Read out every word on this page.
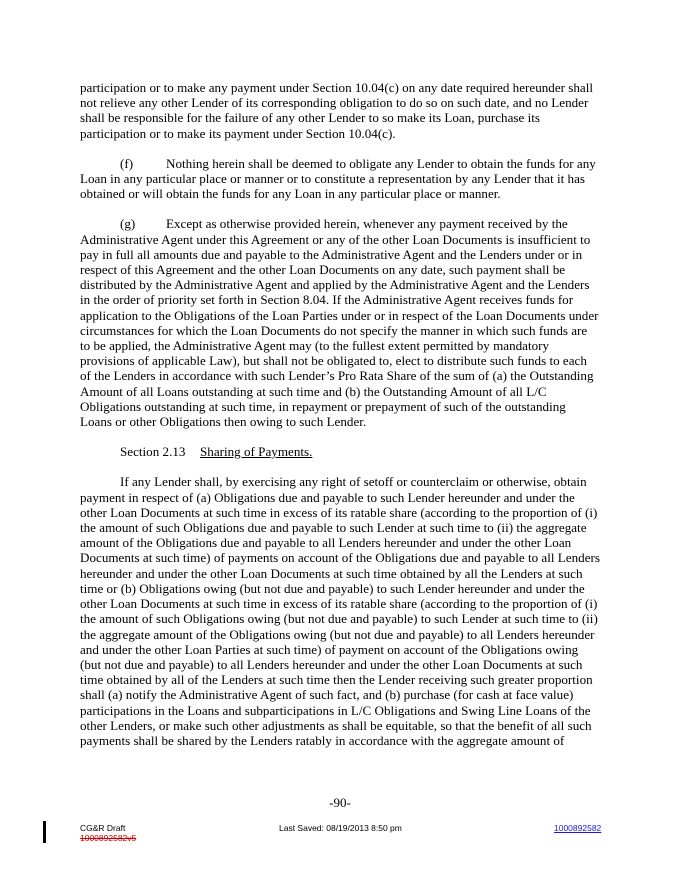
participation or to make any payment under Section 10.04(c) on any date required hereunder shall not relieve any other Lender of its corresponding obligation to do so on such date, and no Lender shall be responsible for the failure of any other Lender to so make its Loan, purchase its participation or to make its payment under Section 10.04(c).

(f)	Nothing herein shall be deemed to obligate any Lender to obtain the funds for any Loan in any particular place or manner or to constitute a representation by any Lender that it has obtained or will obtain the funds for any Loan in any particular place or manner.

(g) Except as otherwise provided herein, whenever any payment received by the Administrative Agent under this Agreement or any of the other Loan Documents is insufficient to pay in full all amounts due and payable to the Administrative Agent and the Lenders under or in respect of this Agreement and the other Loan Documents on any date, such payment shall be distributed by the Administrative Agent and applied by the Administrative Agent and the Lenders in the order of priority set forth in Section 8.04. If the Administrative Agent receives funds for application to the Obligations of the Loan Parties under or in respect of the Loan Documents under circumstances for which the Loan Documents do not specify the manner in which such funds are to be applied, the Administrative Agent may (to the fullest extent permitted by mandatory provisions of applicable Law), but shall not be obligated to, elect to distribute such funds to each of the Lenders in accordance with such Lender’s Pro Rata Share of the sum of (a) the Outstanding Amount of all Loans outstanding at such time and (b) the Outstanding Amount of all L/C Obligations outstanding at such time, in repayment or prepayment of such of the outstanding Loans or other Obligations then owing to such Lender.

Section 2.13 Sharing of Payments.

If any Lender shall, by exercising any right of setoff or counterclaim or otherwise, obtain payment in respect of (a) Obligations due and payable to such Lender hereunder and under the other Loan Documents at such time in excess of its ratable share (according to the proportion of (i) the amount of such Obligations due and payable to such Lender at such time to (ii) the aggregate amount of the Obligations due and payable to all Lenders hereunder and under the other Loan Documents at such time) of payments on account of the Obligations due and payable to all Lenders hereunder and under the other Loan Documents at such time obtained by all the Lenders at such time or (b) Obligations owing (but not due and payable) to such Lender hereunder and under the other Loan Documents at such time in excess of its ratable share (according to the proportion of (i) the amount of such Obligations owing (but not due and payable) to such Lender at such time to (ii) the aggregate amount of the Obligations owing (but not due and payable) to all Lenders hereunder and under the other Loan Parties at such time) of payment on account of the Obligations owing (but not due and payable) to all Lenders hereunder and under the other Loan Documents at such time obtained by all of the Lenders at such time then the Lender receiving such greater proportion shall (a) notify the Administrative Agent of such fact, and (b) purchase (for cash at face value) participations in the Loans and subparticipations in L/C Obligations and Swing Line Loans of the other Lenders, or make such other adjustments as shall be equitable, so that the benefit of all such payments shall be shared by the Lenders ratably in accordance with the aggregate amount of

-90-
CG&R Draft
1000892582v5
Last Saved: 08/19/2013 8:50 pm	1000892582
